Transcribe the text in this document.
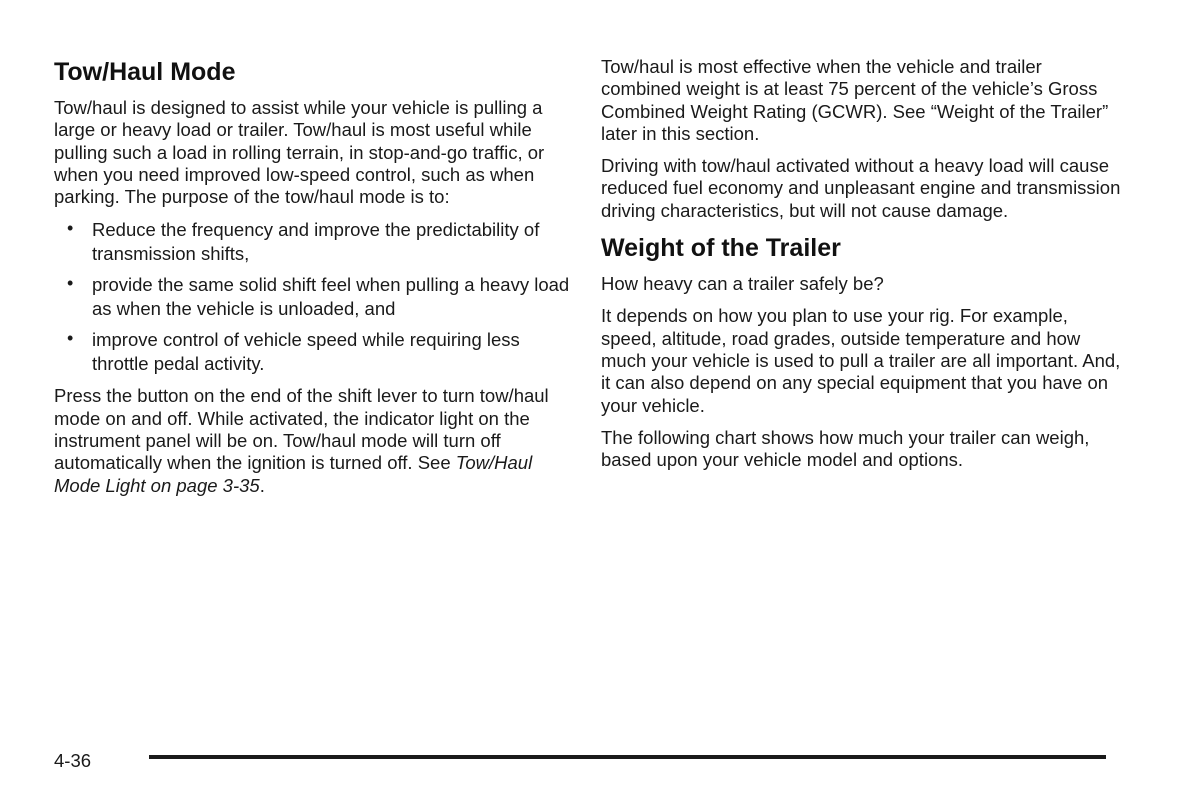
Tow/Haul Mode

Tow/haul is designed to assist while your vehicle is pulling a large or heavy load or trailer. Tow/haul is most useful while pulling such a load in rolling terrain, in stop-and-go traffic, or when you need improved low-speed control, such as when parking. The purpose of the tow/haul mode is to:

• Reduce the frequency and improve the predictability of transmission shifts,
• provide the same solid shift feel when pulling a heavy load as when the vehicle is unloaded, and
• improve control of vehicle speed while requiring less throttle pedal activity.

Press the button on the end of the shift lever to turn tow/haul mode on and off. While activated, the indicator light on the instrument panel will be on. Tow/haul mode will turn off automatically when the ignition is turned off. See Tow/Haul Mode Light on page 3-35.

Tow/haul is most effective when the vehicle and trailer combined weight is at least 75 percent of the vehicle’s Gross Combined Weight Rating (GCWR). See “Weight of the Trailer” later in this section.

Driving with tow/haul activated without a heavy load will cause reduced fuel economy and unpleasant engine and transmission driving characteristics, but will not cause damage.

Weight of the Trailer

How heavy can a trailer safely be?

It depends on how you plan to use your rig. For example, speed, altitude, road grades, outside temperature and how much your vehicle is used to pull a trailer are all important. And, it can also depend on any special equipment that you have on your vehicle.

The following chart shows how much your trailer can weigh, based upon your vehicle model and options.

4-36
